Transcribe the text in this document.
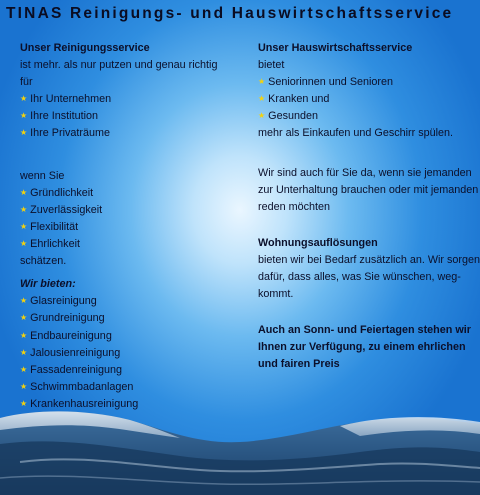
TINAS Reinigungs- und Hauswirtschaftsservice
Unser Reinigungsservice
ist mehr. als nur putzen und genau richtig
für
★ Ihr Unternehmen
★ Ihre Institution
★ Ihre Privaträume
wenn Sie
★ Gründlichkeit
★ Zuverlässigkeit
★ Flexibilität
★ Ehrlichkeit
schätzen.
Wir bieten:
★ Glasreinigung
★ Grundreinigung
★ Endbaureinigung
★ Jalousienreinigung
★ Fassadenreinigung
★ Schwimmbadanlagen
★ Krankenhausreinigung
Unser Hauswirtschaftsservice
bietet
★ Seniorinnen und Senioren
★ Kranken und
★ Gesunden
mehr als Einkaufen und Geschirr spülen.
Wir sind auch für Sie da, wenn sie jemanden
zur Unterhaltung brauchen oder mit jemanden
reden möchten
Wohnungsauflösungen
bieten wir bei Bedarf zusätzlich an. Wir sorgen
dafür, dass alles, was Sie wünschen, weg-
kommt.
Auch an Sonn- und Feiertagen stehen wir
Ihnen zur Verfügung, zu einem ehrlichen
und fairen Preis
